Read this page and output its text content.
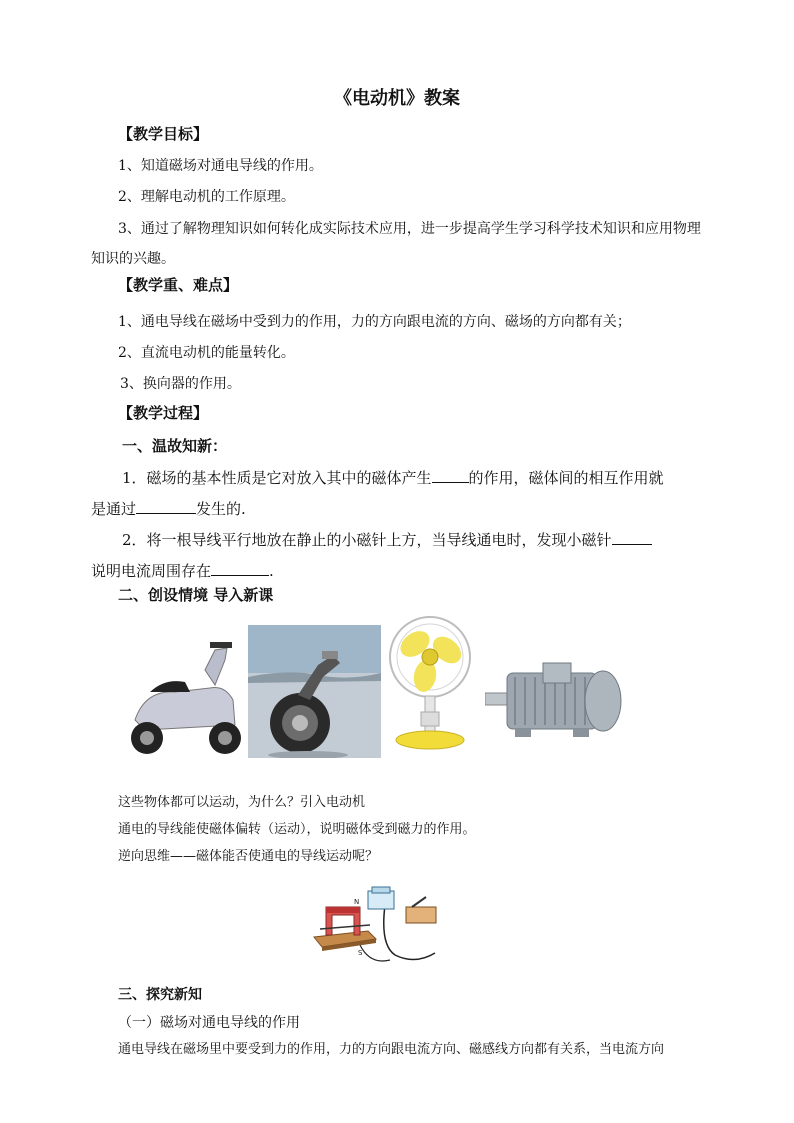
《电动机》教案
【教学目标】
1、知道磁场对通电导线的作用。
2、理解电动机的工作原理。
3、通过了解物理知识如何转化成实际技术应用，进一步提高学生学习科学技术知识和应用物理
知识的兴趣。
【教学重、难点】
1、通电导线在磁场中受到力的作用，力的方向跟电流的方向、磁场的方向都有关；
2、直流电动机的能量转化。
3、换向器的作用。
【教学过程】
一、温故知新：
1．磁场的基本性质是它对放入其中的磁体产生 的作用，磁体间的相互作用就
是通过	发生的.
2．将一根导线平行地放在静止的小磁针上方，当导线通电时，发现小磁针
说明电流周围存在	.
二、创设情境 导入新课
这些物体都可以运动，为什么？引入电动机
通电的导线能使磁体偏转（运动），说明磁体受到磁力的作用。
逆向思维——磁体能否使通电的导线运动呢？
N
S
三、探究新知
（一）磁场对通电导线的作用
通电导线在磁场里中要受到力的作用，力的方向跟电流方向、磁感线方向都有关系，当电流方向
